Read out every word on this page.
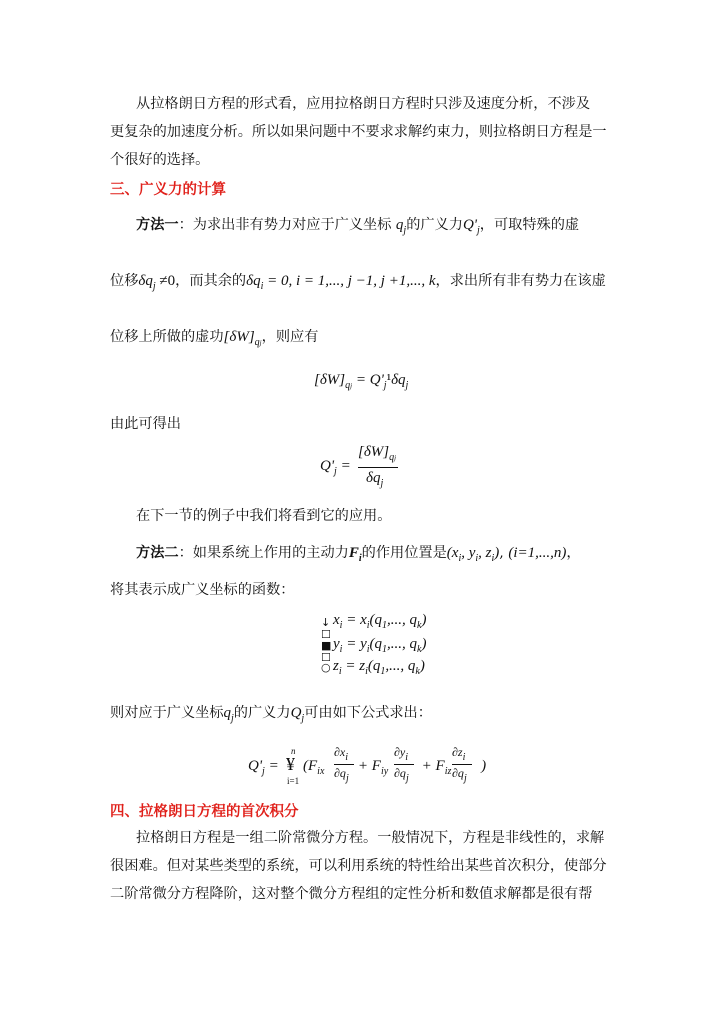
从拉格朗日方程的形式看，应用拉格朗日方程时只涉及速度分析，不涉及
更复杂的加速度分析。所以如果问题中不要求求解约束力，则拉格朗日方程是一
个很好的选择。
三、广义力的计算
方法一：为求出非有势力对应于广义坐标 $q_j$的广义力$Q'_j$，可取特殊的虚
位移$\delta q_j \ne 0$，而其余的$\delta q_i = 0$, i = 1,..., j −1, j +1,..., k，求出所有非有势力在该虚
位移上所做的虚功$[\delta W]_{qj}$，则应有
$[\delta W]_{qj} = Q'_j^1\delta q_j$
由此可得出
$Q'_j$ =
$[\delta W]_{qj}$
$\delta q_j$
在下一节的例子中我们将看到它的应用。
方法二：如果系统上作用的主动力$F_i$的作用位置是($x_i$, $y_i$, $z_i$), (i=1,...,n)，
将其表示成广义坐标的函数：
↓
☐
■
☐
○
$x_i = x_i(q_1$,..., $q_k$)
$y_i = y_i(q_1$,..., $q_k$)
$z_i = z_i(q_1$,..., $q_k$)
则对应于广义坐标$q_j$的广义力$Q_j$可由如下公式求出：
$Q'_j$ =
n
¥
i=1
($F_{ix} + F_{iy} + F_{iz}$ )
$\partial x_i$
$\partial q_j$
$\partial y_i$
$\partial q_j$
$\partial z_i$
$\partial q_j$
四、拉格朗日方程的首次积分
拉格朗日方程是一组二阶常微分方程。一般情况下，方程是非线性的，求解
很困难。但对某些类型的系统，可以利用系统的特性给出某些首次积分，使部分
二阶常微分方程降阶，这对整个微分方程组的定性分析和数值求解都是很有帮
